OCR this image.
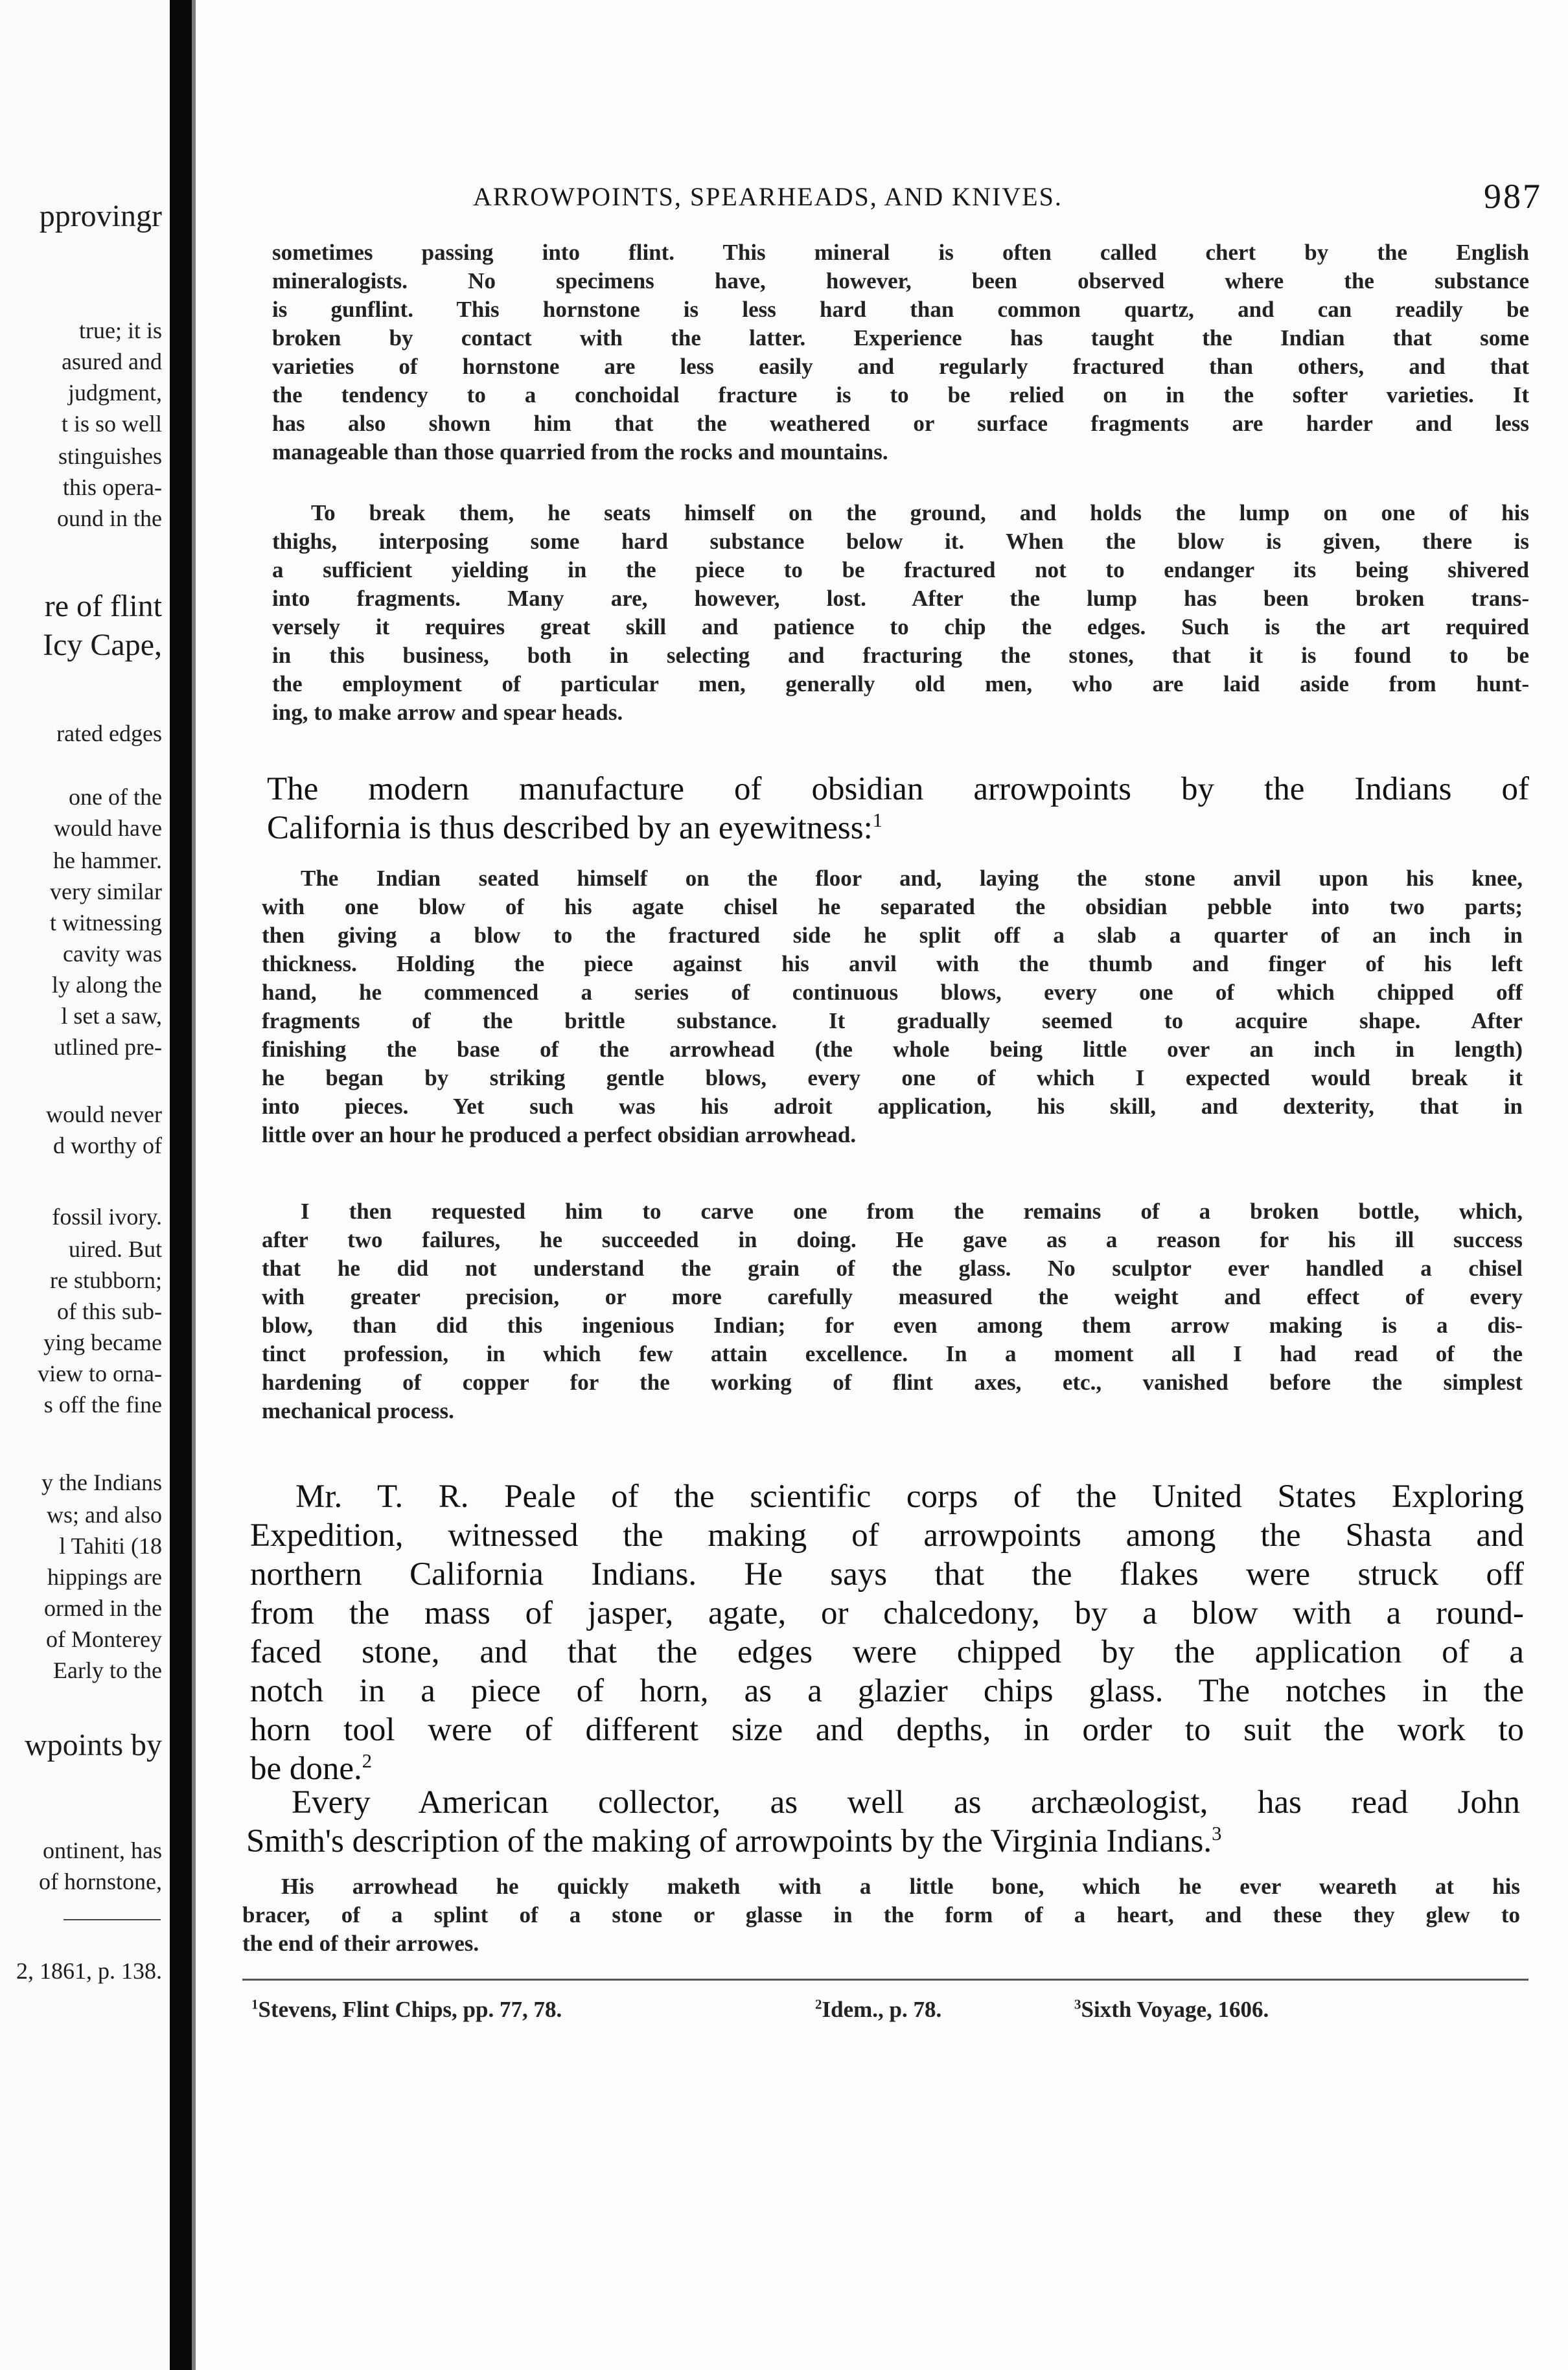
pprovingr
true; it is
asured and
judgment,
t is so well
stinguishes
this opera-
ound in the
re of flint
Icy Cape,
rated edges
one of the
would have
he hammer.
very similar
t witnessing
cavity was
ly along the
l set a saw,
utlined pre-
would never
d worthy of
fossil ivory.
uired. But
re stubborn;
of this sub-
ying became
view to orna-
s off the fine
y the Indians
ws; and also
l Tahiti (18
hippings are
ormed in the
of Monterey
Early to the
wpoints by
ontinent, has
of hornstone,
2, 1861, p. 138.
ARROWPOINTS, SPEARHEADS, AND KNIVES.	987
sometimes passing into flint. This mineral is often called chert by the English
mineralogists. No specimens have, however, been observed where the substance
is gunflint. This hornstone is less hard than common quartz, and can readily be
broken by contact with the latter. Experience has taught the Indian that some
varieties of hornstone are less easily and regularly fractured than others, and that
the tendency to a conchoidal fracture is to be relied on in the softer varieties. It
has also shown him that the weathered or surface fragments are harder and less
manageable than those quarried from the rocks and mountains.
To break them, he seats himself on the ground, and holds the lump on one of his
thighs, interposing some hard substance below it. When the blow is given, there is
a sufficient yielding in the piece to be fractured not to endanger its being shivered
into fragments. Many are, however, lost. After the lump has been broken trans-
versely it requires great skill and patience to chip the edges. Such is the art required
in this business, both in selecting and fracturing the stones, that it is found to be
the employment of particular men, generally old men, who are laid aside from hunt-
ing, to make arrow and spear heads.
The modern manufacture of obsidian arrowpoints by the Indians of
California is thus described by an eyewitness:$^1$
The Indian seated himself on the floor and, laying the stone anvil upon his knee,
with one blow of his agate chisel he separated the obsidian pebble into two parts;
then giving a blow to the fractured side he split off a slab a quarter of an inch in
thickness. Holding the piece against his anvil with the thumb and finger of his left
hand, he commenced a series of continuous blows, every one of which chipped off
fragments of the brittle substance. It gradually seemed to acquire shape. After
finishing the base of the arrowhead (the whole being little over an inch in length)
he began by striking gentle blows, every one of which I expected would break it
into pieces. Yet such was his adroit application, his skill, and dexterity, that in
little over an hour he produced a perfect obsidian arrowhead.
I then requested him to carve one from the remains of a broken bottle, which,
after two failures, he succeeded in doing. He gave as a reason for his ill success
that he did not understand the grain of the glass. No sculptor ever handled a chisel
with greater precision, or more carefully measured the weight and effect of every
blow, than did this ingenious Indian; for even among them arrow making is a dis-
tinct profession, in which few attain excellence. In a moment all I had read of the
hardening of copper for the working of flint axes, etc., vanished before the simplest
mechanical process.
Mr. T. R. Peale of the scientific corps of the United States Exploring
Expedition, witnessed the making of arrowpoints among the Shasta and
northern California Indians. He says that the flakes were struck off
from the mass of jasper, agate, or chalcedony, by a blow with a round-
faced stone, and that the edges were chipped by the application of a
notch in a piece of horn, as a glazier chips glass. The notches in the
horn tool were of different size and depths, in order to suit the work to
be done.$^2$
Every American collector, as well as archæologist, has read John
Smith's description of the making of arrowpoints by the Virginia Indians.$^3$
His arrowhead he quickly maketh with a little bone, which he ever weareth at his
bracer, of a splint of a stone or glasse in the form of a heart, and these they glew to
the end of their arrowes.
$^1$Stevens, Flint Chips, pp. 77, 78.	$^2$Idem., p. 78.	$^3$Sixth Voyage, 1606.
